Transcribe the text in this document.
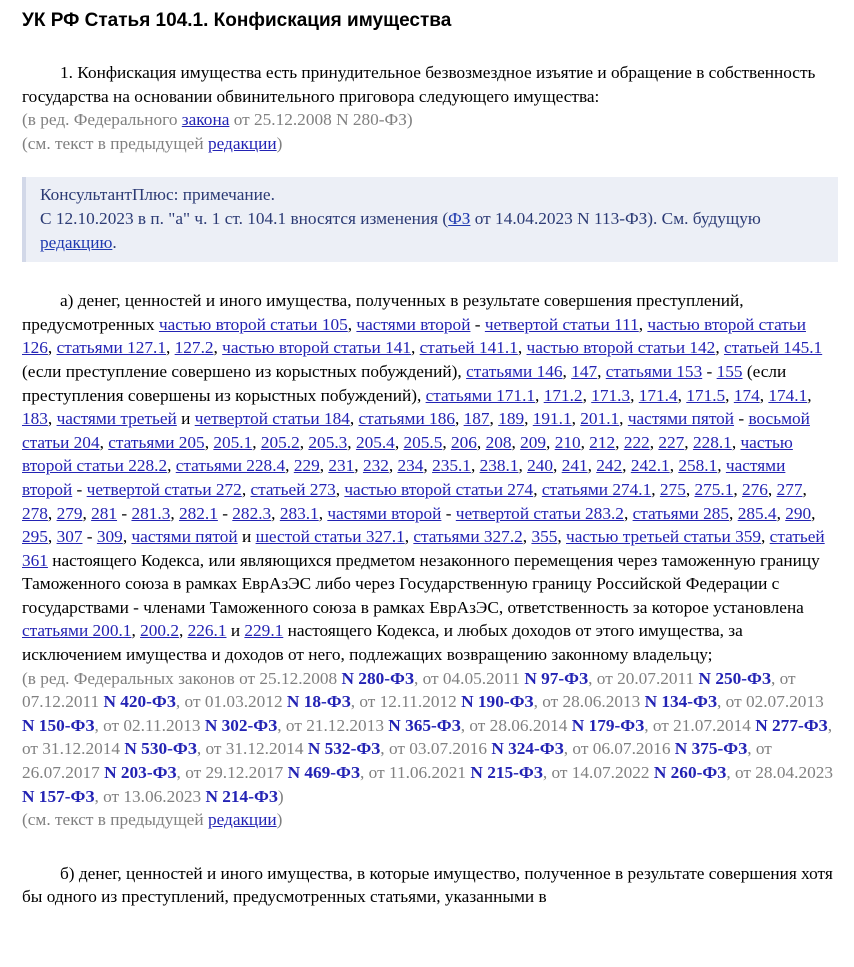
УК РФ Статья 104.1. Конфискация имущества

1. Конфискация имущества есть принудительное безвозмездное изъятие и обращение в собственность государства на основании обвинительного приговора следующего имущества:

(в ред. Федерального закона от 25.12.2008 N 280-ФЗ)

(см. текст в предыдущей редакции)

КонсультантПлюс: примечание.

С 12.10.2023 в п. "а" ч. 1 ст. 104.1 вносятся изменения (ФЗ от 14.04.2023 N 113-ФЗ). См. будущую редакцию.

а) денег, ценностей и иного имущества, полученных в результате совершения преступлений, предусмотренных частью второй статьи 105, частями второй - четвертой статьи 111, частью второй статьи 126, статьями 127.1, 127.2, частью второй статьи 141, статьей 141.1, частью второй статьи 142, статьей 145.1 (если преступление совершено из корыстных побуждений), статьями 146, 147, статьями 153 - 155 (если преступления совершены из корыстных побуждений), статьями 171.1, 171.2, 171.3, 171.4, 171.5, 174, 174.1, 183, частями третьей и четвертой статьи 184, статьями 186, 187, 189, 191.1, 201.1, частями пятой - восьмой статьи 204, статьями 205, 205.1, 205.2, 205.3, 205.4, 205.5, 206, 208, 209, 210, 212, 222, 227, 228.1, частью второй статьи 228.2, статьями 228.4, 229, 231, 232, 234, 235.1, 238.1, 240, 241, 242, 242.1, 258.1, частями второй - четвертой статьи 272, статьей 273, частью второй статьи 274, статьями 274.1, 275, 275.1, 276, 277, 278, 279, 281 - 281.3, 282.1 - 282.3, 283.1, частями второй - четвертой статьи 283.2, статьями 285, 285.4, 290, 295, 307 - 309, частями пятой и шестой статьи 327.1, статьями 327.2, 355, частью третьей статьи 359, статьей 361 настоящего Кодекса, или являющихся предметом незаконного перемещения через таможенную границу Таможенного союза в рамках ЕврАзЭС либо через Государственную границу Российской Федерации с государствами - членами Таможенного союза в рамках ЕврАзЭС, ответственность за которое установлена статьями 200.1, 200.2, 226.1 и 229.1 настоящего Кодекса, и любых доходов от этого имущества, за исключением имущества и доходов от него, подлежащих возвращению законному владельцу;

(в ред. Федеральных законов от 25.12.2008 N 280-ФЗ, от 04.05.2011 N 97-ФЗ, от 20.07.2011 N 250-ФЗ, от 07.12.2011 N 420-ФЗ, от 01.03.2012 N 18-ФЗ, от 12.11.2012 N 190-ФЗ, от 28.06.2013 N 134-ФЗ, от 02.07.2013 N 150-ФЗ, от 02.11.2013 N 302-ФЗ, от 21.12.2013 N 365-ФЗ, от 28.06.2014 N 179-ФЗ, от 21.07.2014 N 277-ФЗ, от 31.12.2014 N 530-ФЗ, от 31.12.2014 N 532-ФЗ, от 03.07.2016 N 324-ФЗ, от 06.07.2016 N 375-ФЗ, от 26.07.2017 N 203-ФЗ, от 29.12.2017 N 469-ФЗ, от 11.06.2021 N 215-ФЗ, от 14.07.2022 N 260-ФЗ, от 28.04.2023 N 157-ФЗ, от 13.06.2023 N 214-ФЗ)

(см. текст в предыдущей редакции)

б) денег, ценностей и иного имущества, в которые имущество, полученное в результате совершения хотя бы одного из преступлений, предусмотренных статьями, указанными в
